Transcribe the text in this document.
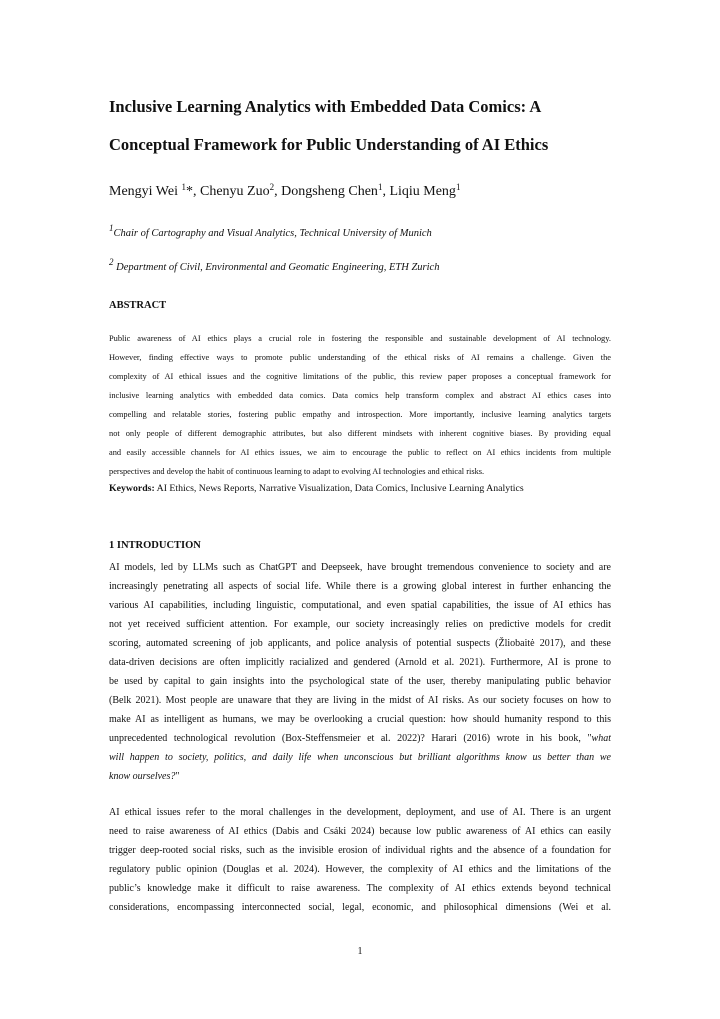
Inclusive Learning Analytics with Embedded Data Comics: A
Conceptual Framework for Public Understanding of AI Ethics
Mengyi Wei $^1$*, Chenyu Zuo$^2$, Dongsheng Chen$^1$, Liqiu Meng$^1$
$^1$Chair of Cartography and Visual Analytics, Technical University of Munich
$^2$ Department of Civil, Environmental and Geomatic Engineering, ETH Zurich
ABSTRACT
Public awareness of AI ethics plays a crucial role in fostering the responsible and sustainable development of AI technology.
However, finding effective ways to promote public understanding of the ethical risks of AI remains a challenge. Given the
complexity of AI ethical issues and the cognitive limitations of the public, this review paper proposes a conceptual framework for
inclusive learning analytics with embedded data comics. Data comics help transform complex and abstract AI ethics cases into
compelling and relatable stories, fostering public empathy and introspection. More importantly, inclusive learning analytics targets
not only people of different demographic attributes, but also different mindsets with inherent cognitive biases. By providing equal
and easily accessible channels for AI ethics issues, we aim to encourage the public to reflect on AI ethics incidents from multiple
perspectives and develop the habit of continuous learning to adapt to evolving AI technologies and ethical risks.
Keywords: AI Ethics, News Reports, Narrative Visualization, Data Comics, Inclusive Learning Analytics
1 INTRODUCTION
AI models, led by LLMs such as ChatGPT and Deepseek, have brought tremendous convenience to society and are
increasingly penetrating all aspects of social life. While there is a growing global interest in further enhancing the
various AI capabilities, including linguistic, computational, and even spatial capabilities, the issue of AI ethics has
not yet received sufficient attention. For example, our society increasingly relies on predictive models for credit
scoring, automated screening of job applicants, and police analysis of potential suspects (Žliobaitė 2017), and these
data-driven decisions are often implicitly racialized and gendered (Arnold et al. 2021). Furthermore, AI is prone to
be used by capital to gain insights into the psychological state of the user, thereby manipulating public behavior
(Belk 2021). Most people are unaware that they are living in the midst of AI risks. As our society focuses on how to
make AI as intelligent as humans, we may be overlooking a crucial question: how should humanity respond to this
unprecedented technological revolution (Box-Steffensmeier et al. 2022)? Harari (2016) wrote in his book, "what
will happen to society, politics, and daily life when unconscious but brilliant algorithms know us better than we
know ourselves?"
AI ethical issues refer to the moral challenges in the development, deployment, and use of AI. There is an urgent
need to raise awareness of AI ethics (Dabis and Csáki 2024) because low public awareness of AI ethics can easily
trigger deep-rooted social risks, such as the invisible erosion of individual rights and the absence of a foundation for
regulatory public opinion (Douglas et al. 2024). However, the complexity of AI ethics and the limitations of the
public’s knowledge make it difficult to raise awareness. The complexity of AI ethics extends beyond technical
considerations, encompassing interconnected social, legal, economic, and philosophical dimensions (Wei et al.
1
